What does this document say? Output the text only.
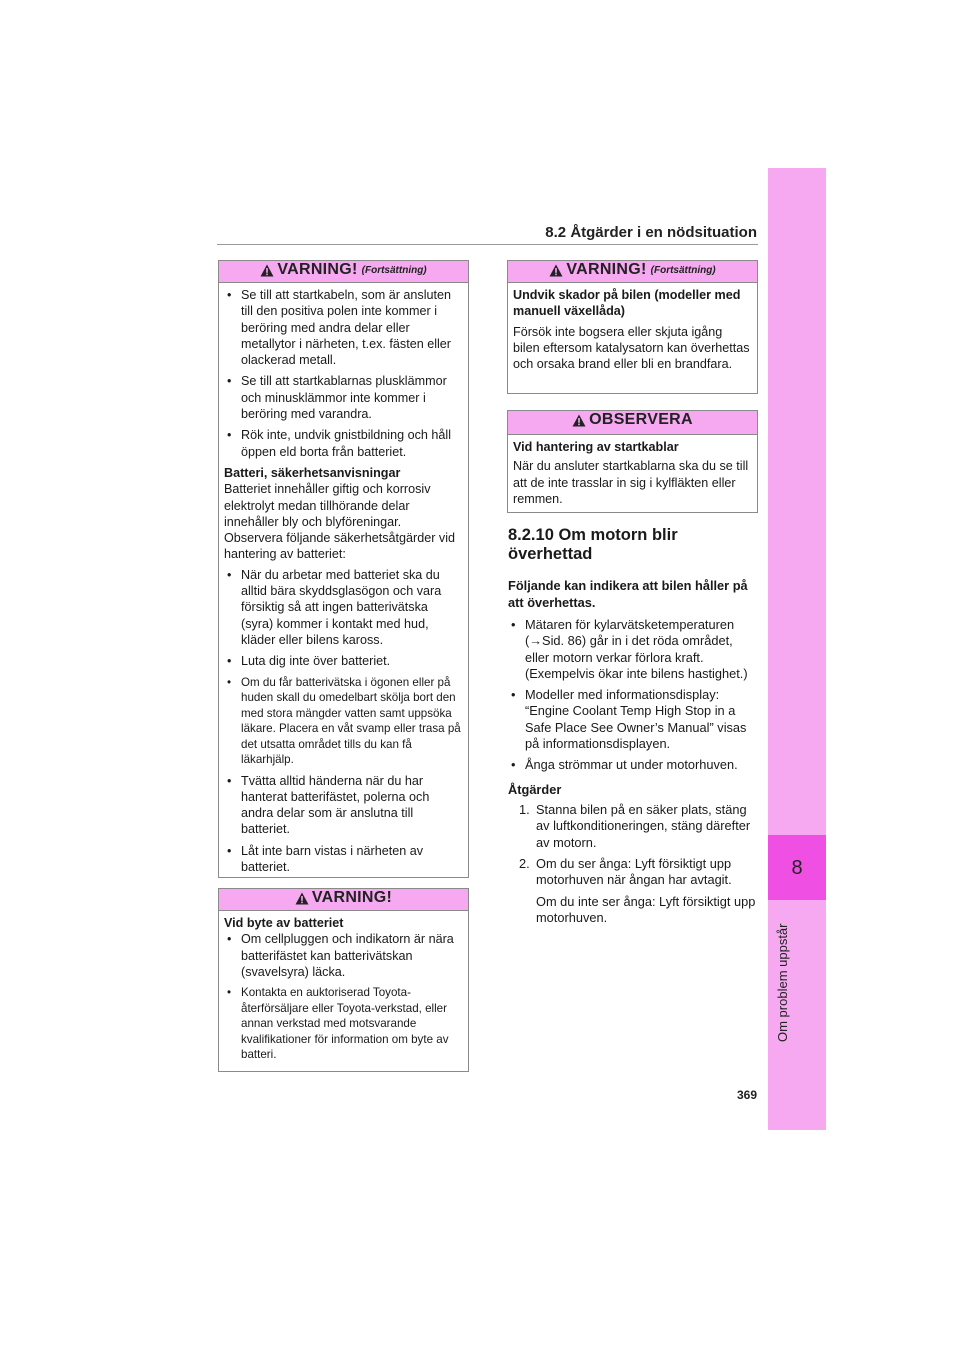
8.2 Åtgärder i en nödsituation
8
Om problem uppstår
369
VARNING! (Fortsättning)
• Se till att startkabeln, som är ansluten till den positiva polen inte kommer i beröring med andra delar eller metallytor i närheten, t.ex. fästen eller olackerad metall.
• Se till att startkablarnas plusklämmor och minusklämmor inte kommer i beröring med varandra.
• Rök inte, undvik gnistbildning och håll öppen eld borta från batteriet.
Batteri, säkerhetsanvisningar

Batteriet innehåller giftig och korrosiv elektrolyt medan tillhörande delar innehåller bly och blyföreningar. Observera följande säkerhetsåtgärder vid hantering av batteriet:

• När du arbetar med batteriet ska du alltid bära skyddsglasögon och vara försiktig så att ingen batterivätska (syra) kommer i kontakt med hud, kläder eller bilens kaross.
• Luta dig inte över batteriet.
• Om du får batterivätska i ögonen eller på huden skall du omedelbart skölja bort den med stora mängder vatten samt uppsöka läkare. Placera en våt svamp eller trasa på det utsatta området tills du kan få läkarhjälp.
• Tvätta alltid händerna när du har hanterat batterifästet, polerna och andra delar som är anslutna till batteriet.
• Låt inte barn vistas i närheten av batteriet.
VARNING!
Vid byte av batteriet
• Om cellpluggen och indikatorn är nära batterifästet kan batterivätskan (svavelsyra) läcka.
• Kontakta en auktoriserad Toyota-återförsäljare eller Toyota-verkstad, eller annan verkstad med motsvarande kvalifikationer för information om byte av batteri.
VARNING! (Fortsättning)
Undvik skador på bilen (modeller med manuell växellåda)

Försök inte bogsera eller skjuta igång bilen eftersom katalysatorn kan överhettas och orsaka brand eller bli en brandfara.

OBSERVERA
Vid hantering av startkablar

När du ansluter startkablarna ska du se till att de inte trasslar in sig i kylfläkten eller remmen.

8.2.10 Om motorn blir överhettad
Följande kan indikera att bilen håller på att överhettas.
• Mätaren för kylarvätsketemperaturen (→Sid. 86) går in i det röda området, eller motorn verkar förlora kraft. (Exempelvis ökar inte bilens hastighet.)
• Modeller med informationsdisplay: “Engine Coolant Temp High Stop in a Safe Place See Owner’s Manual” visas på informationsdisplayen.
• Ånga strömmar ut under motorhuven.
Åtgärder
1. Stanna bilen på en säker plats, stäng av luftkonditioneringen, stäng därefter av motorn.
2. Om du ser ånga: Lyft försiktigt upp motorhuven när ångan har avtagit.
Om du inte ser ånga: Lyft försiktigt upp motorhuven.
